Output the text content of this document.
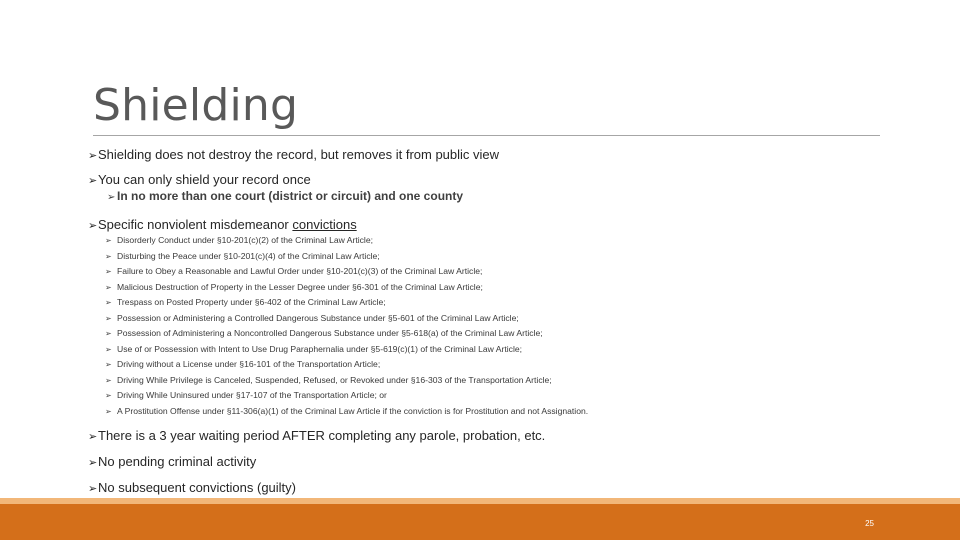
Shielding
➢ Shielding does not destroy the record, but removes it from public view
➢ You can only shield your record once
➢ In no more than one court (district or circuit) and one county
➢ Specific nonviolent misdemeanor convictions
➢ Disorderly Conduct under §10-201(c)(2) of the Criminal Law Article;
➢ Disturbing the Peace under §10-201(c)(4) of the Criminal Law Article;
➢ Failure to Obey a Reasonable and Lawful Order under §10-201(c)(3) of the Criminal Law Article;
➢ Malicious Destruction of Property in the Lesser Degree under §6-301 of the Criminal Law Article;
➢ Trespass on Posted Property under §6-402 of the Criminal Law Article;
➢ Possession or Administering a Controlled Dangerous Substance under §5-601 of the Criminal Law Article;
➢ Possession of Administering a Noncontrolled Dangerous Substance under §5-618(a) of the Criminal Law Article;
➢ Use of or Possession with Intent to Use Drug Paraphernalia under §5-619(c)(1) of the Criminal Law Article;
➢ Driving without a License under §16-101 of the Transportation Article;
➢ Driving While Privilege is Canceled, Suspended, Refused, or Revoked under §16-303 of the Transportation Article;
➢ Driving While Uninsured under §17-107 of the Transportation Article; or
➢ A Prostitution Offense under §11-306(a)(1) of the Criminal Law Article if the conviction is for Prostitution and not Assignation.
➢ There is a 3 year waiting period AFTER completing any parole, probation, etc.
➢ No pending criminal activity
➢ No subsequent convictions (guilty)
25
